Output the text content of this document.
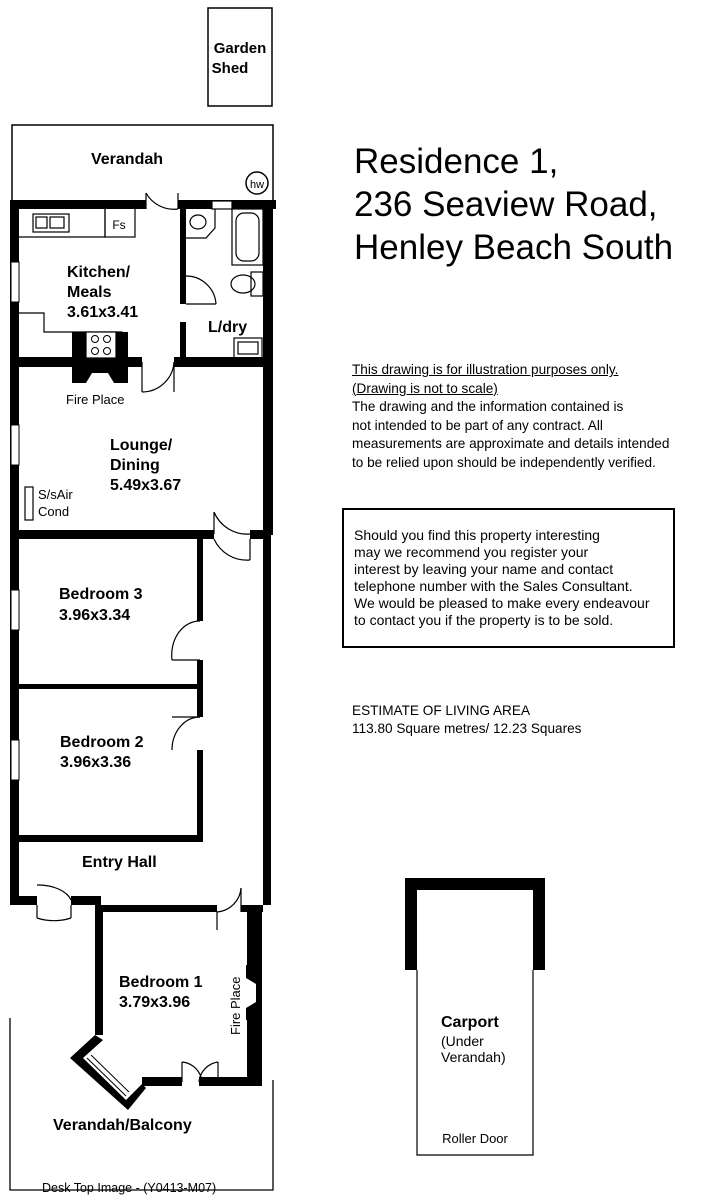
Garden
Shed
Verandah
hw
Fs
Kitchen/
Meals
3.61x3.41
L/dry
Fire Place
Lounge/
Dining
5.49x3.67
S/sAir
Cond
Bedroom 3
3.96x3.34
Bedroom 2
3.96x3.36
Entry Hall
Bedroom 1
3.79x3.96	Fire Place
Verandah/Balcony
Carport
(Under
Verandah)
Roller Door
Residence 1,
236 Seaview Road,
Henley Beach South
This drawing is for illustration purposes only.
(Drawing is not to scale)
The drawing and the information contained is
not intended to be part of any contract. All
measurements are approximate and details intended
to be relied upon should be independently verified.
Should you find this property interesting
may we recommend you register your
interest by leaving your name and contact
telephone number with the Sales Consultant.
We would be pleased to make every endeavour
to contact you if the property is to be sold.
ESTIMATE OF LIVING AREA
113.80 Square metres/ 12.23 Squares
Desk Top Image - (Y0413-M07)
